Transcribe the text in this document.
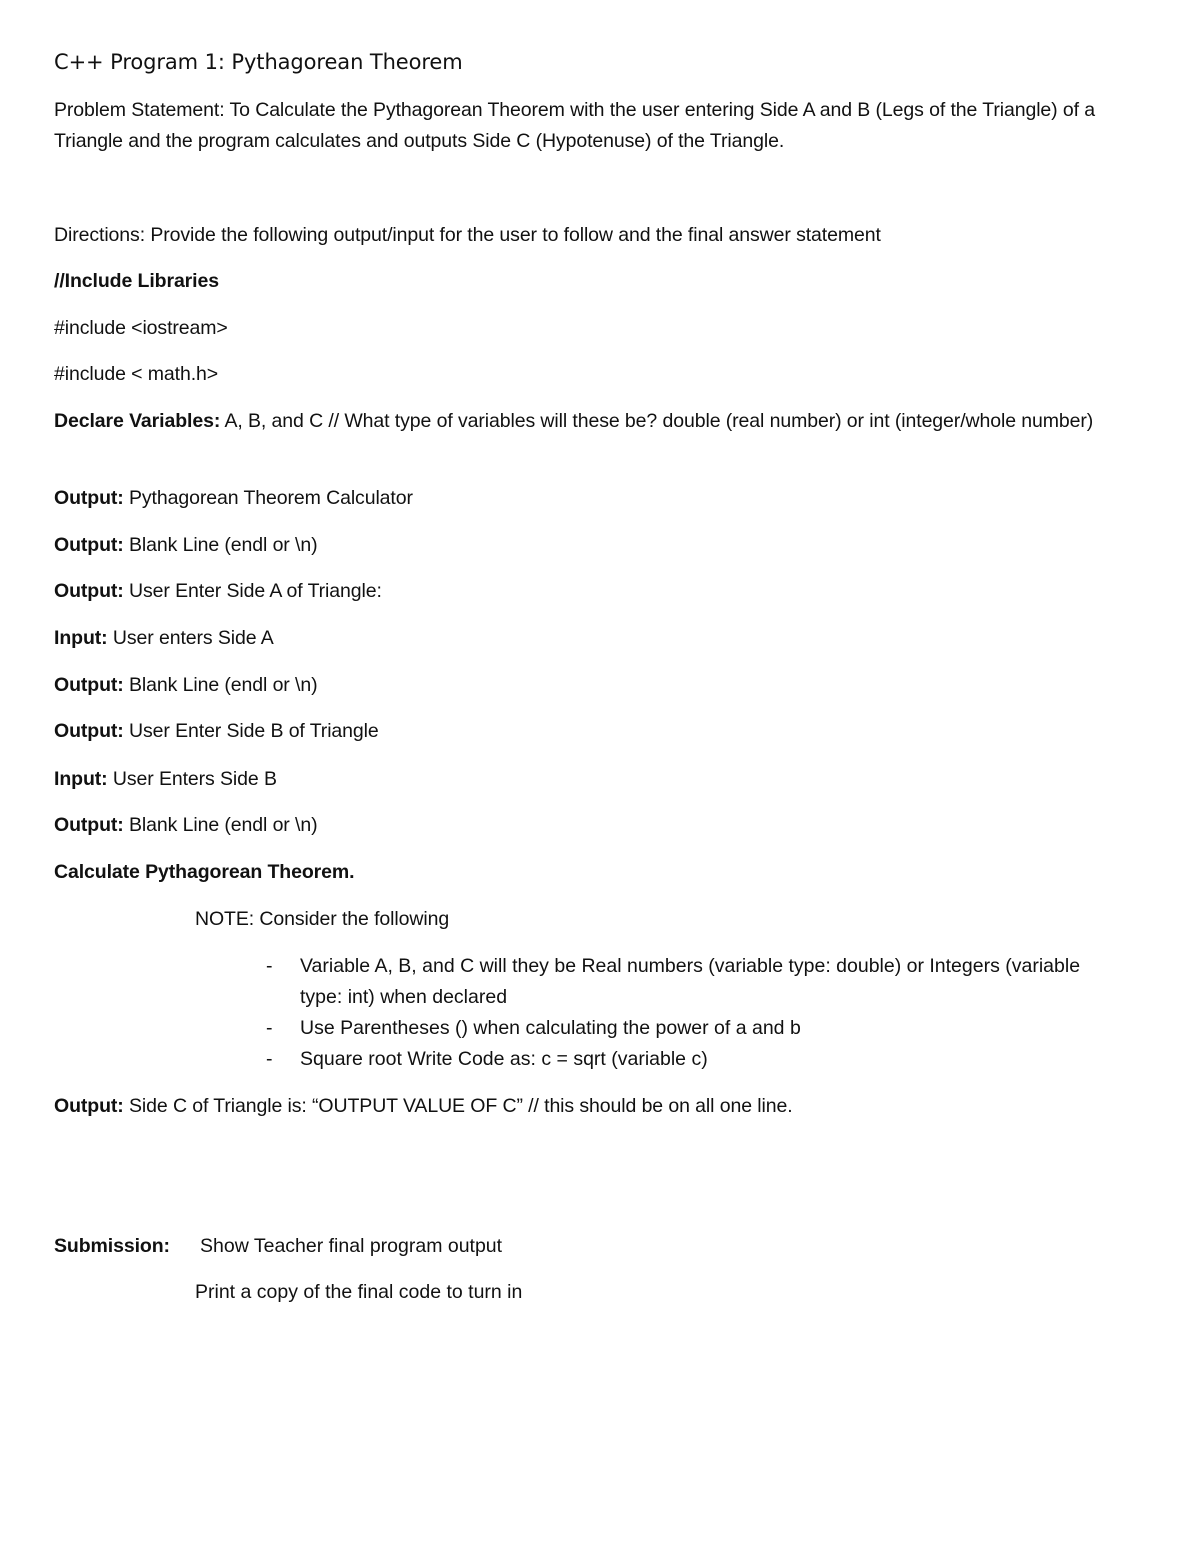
C++ Program 1: Pythagorean Theorem
Problem Statement: To Calculate the Pythagorean Theorem with the user entering Side A and B (Legs of the Triangle) of a Triangle and the program calculates and outputs Side C (Hypotenuse) of the Triangle.
Directions: Provide the following output/input for the user to follow and the final answer statement
//Include Libraries
#include <iostream>
#include < math.h>
Declare Variables: A, B, and C // What type of variables will these be? double (real number) or int (integer/whole number)
Output: Pythagorean Theorem Calculator
Output: Blank Line (endl or \n)
Output: User Enter Side A of Triangle:
Input: User enters Side A
Output: Blank Line (endl or \n)
Output: User Enter Side B of Triangle
Input: User Enters Side B
Output: Blank Line (endl or \n)
Calculate Pythagorean Theorem.
NOTE: Consider the following
- Variable A, B, and C will they be Real numbers (variable type: double) or Integers (variable type: int) when declared
- Use Parentheses () when calculating the power of a and b
- Square root Write Code as: c = sqrt (variable c)
Output: Side C of Triangle is: “OUTPUT VALUE OF C” // this should be on all one line.
Submission: Show Teacher final program output
Print a copy of the final code to turn in
